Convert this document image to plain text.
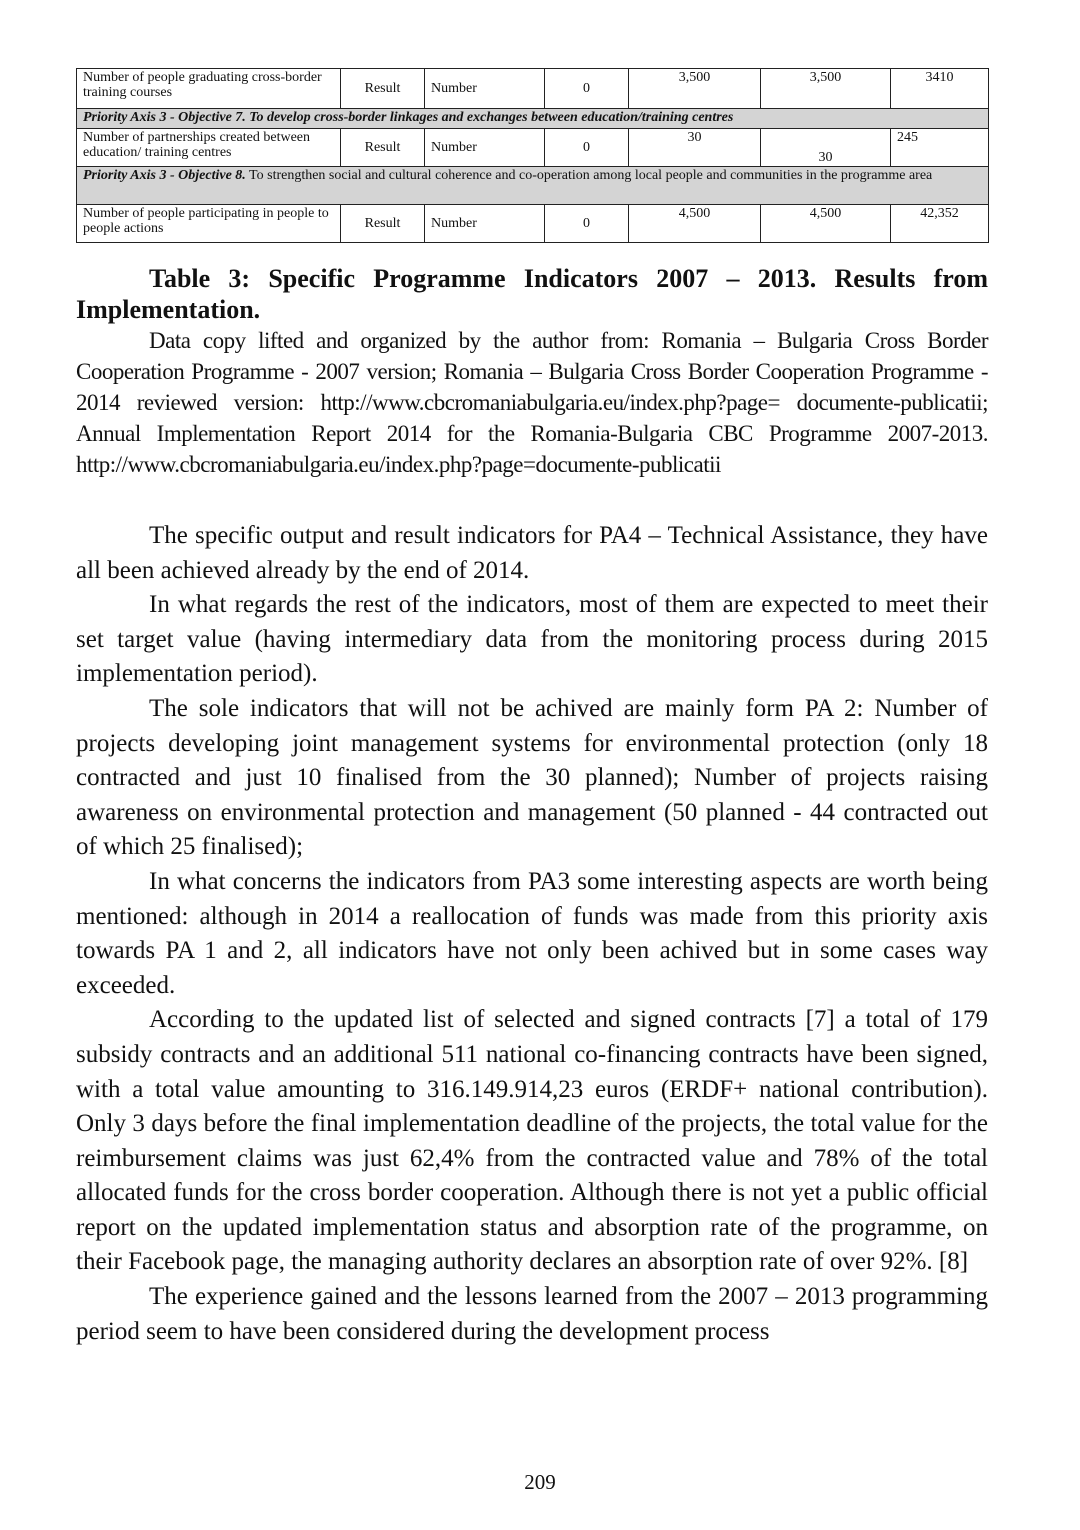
Number of people graduating cross-border training courses	Result	Number	0	3,500	3,500	3410
Priority Axis 3 - Objective 7. To develop cross-border linkages and exchanges between education/training centres						
Number of partnerships created between education/ training centres	Result	Number	0	30	30	245
Priority Axis 3 - Objective 8. To strengthen social and cultural coherence and co-operation among local people and communities in the programme area						
Number of people participating in people to people actions	Result	Number	0	4,500	4,500	42,352
Table 3: Specific Programme Indicators 2007 – 2013. Results from Implementation.
Data copy lifted and organized by the author from: Romania – Bulgaria Cross Border Cooperation Programme - 2007 version; Romania – Bulgaria Cross Border Cooperation Programme - 2014 reviewed version: http://www.cbcromaniabulgaria.eu/index.php?page= documente-publicatii; Annual Implementation Report 2014 for the Romania-Bulgaria CBC Programme 2007-2013. http://www.cbcromaniabulgaria.eu/index.php?page=documente-publicatii

The specific output and result indicators for PA4 – Technical Assistance, they have all been achieved already by the end of 2014.

In what regards the rest of the indicators, most of them are expected to meet their set target value (having intermediary data from the monitoring process during 2015 implementation period).

The sole indicators that will not be achived are mainly form PA 2: Number of projects developing joint management systems for environmental protection (only 18 contracted and just 10 finalised from the 30 planned); Number of projects raising awareness on environmental protection and management (50 planned - 44 contracted out of which 25 finalised);

In what concerns the indicators from PA3 some interesting aspects are worth being mentioned: although in 2014 a reallocation of funds was made from this priority axis towards PA 1 and 2, all indicators have not only been achived but in some cases way exceeded.

According to the updated list of selected and signed contracts [7] a total of 179 subsidy contracts and an additional 511 national co-financing contracts have been signed, with a total value amounting to 316.149.914,23 euros (ERDF+ national contribution). Only 3 days before the final implementation deadline of the projects, the total value for the reimbursement claims was just 62,4% from the contracted value and 78% of the total allocated funds for the cross border cooperation. Although there is not yet a public official report on the updated implementation status and absorption rate of the programme, on their Facebook page, the managing authority declares an absorption rate of over 92%. [8]

The experience gained and the lessons learned from the 2007 – 2013 programming period seem to have been considered during the development process

209
